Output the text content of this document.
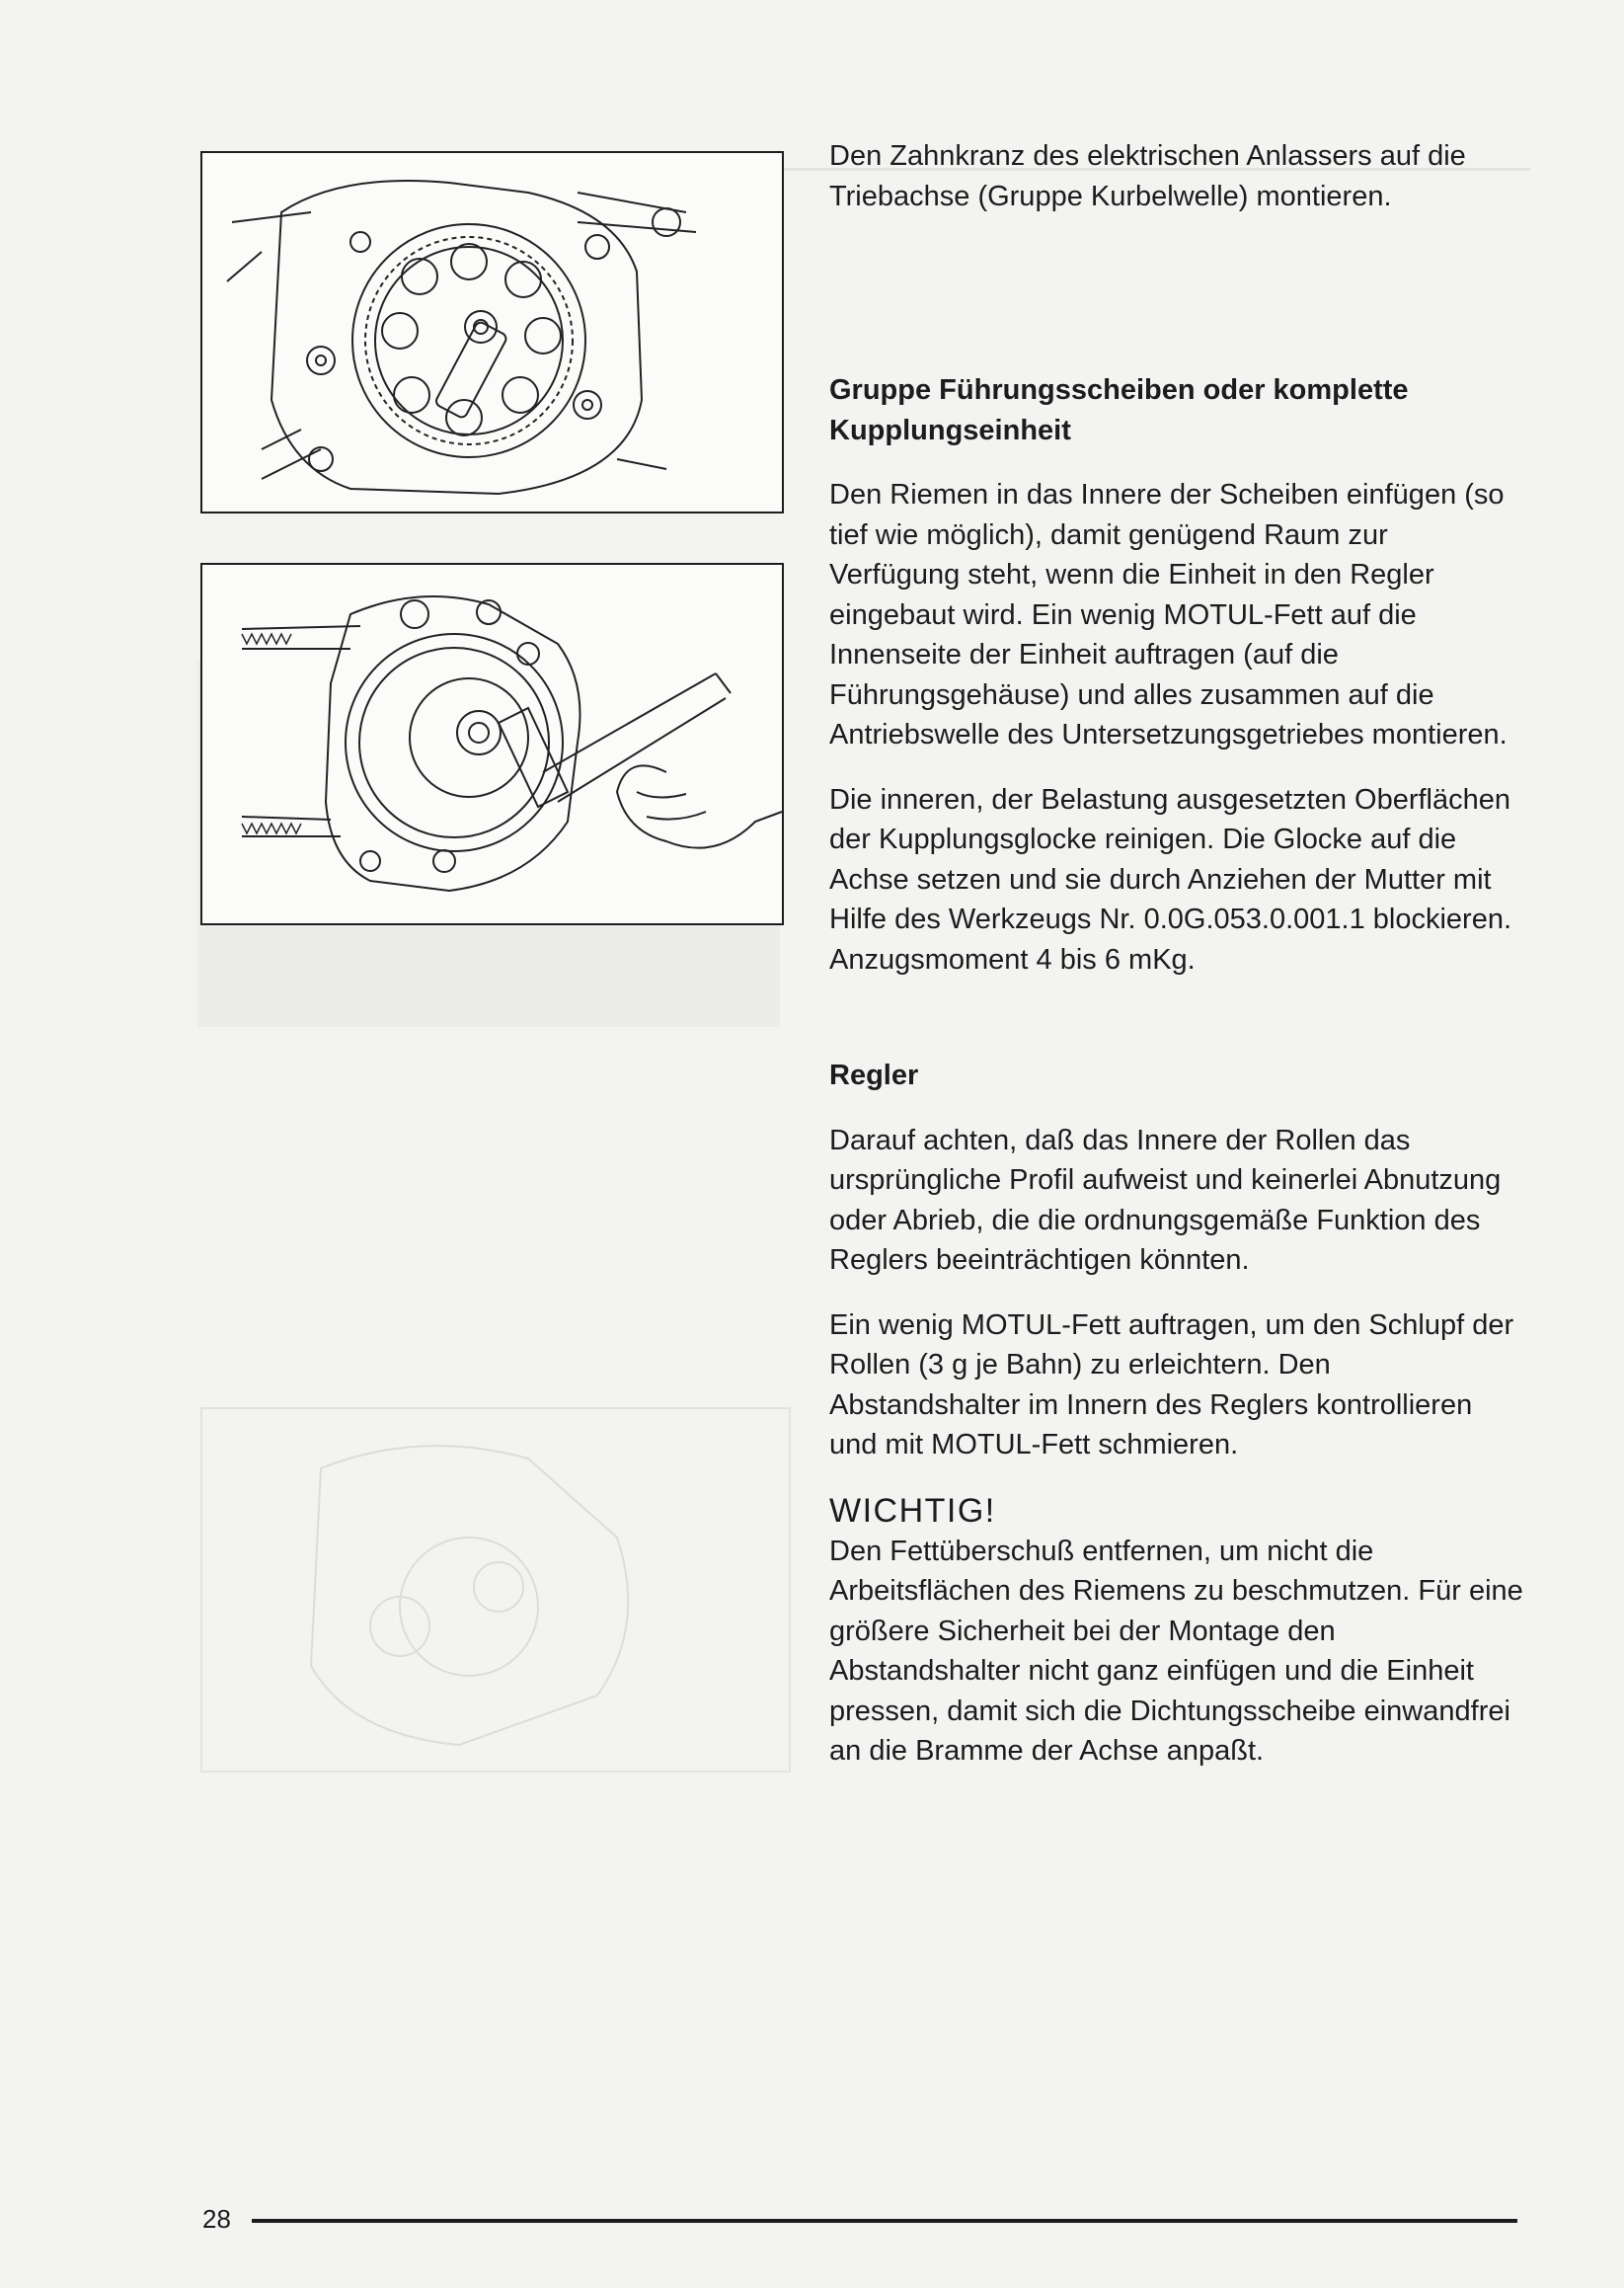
Den Zahnkranz des elektrischen Anlassers auf die Triebachse (Gruppe Kurbelwelle) montieren.

Gruppe Führungsscheiben oder komplette Kupplungseinheit

Den Riemen in das Innere der Scheiben einfügen (so tief wie möglich), damit genügend Raum zur Verfügung steht, wenn die Einheit in den Regler eingebaut wird. Ein wenig MOTUL-Fett auf die Innenseite der Einheit auftragen (auf die Führungsgehäuse) und alles zusammen auf die Antriebswelle des Untersetzungsgetriebes montieren.

Die inneren, der Belastung ausgesetzten Oberflächen der Kupplungsglocke reinigen. Die Glocke auf die Achse setzen und sie durch Anziehen der Mutter mit Hilfe des Werkzeugs Nr. 0.0G.053.0.001.1 blockieren. Anzugsmoment 4 bis 6 mKg.

Regler

Darauf achten, daß das Innere der Rollen das ursprüngliche Profil aufweist und keinerlei Abnutzung oder Abrieb, die die ordnungsgemäße Funktion des Reglers beeinträchtigen könnten.

Ein wenig MOTUL-Fett auftragen, um den Schlupf der Rollen (3 g je Bahn) zu erleichtern. Den Abstandshalter im Innern des Reglers kontrollieren und mit MOTUL-Fett schmieren.

WICHTIG!

Den Fettüberschuß entfernen, um nicht die Arbeitsflächen des Riemens zu beschmutzen. Für eine größere Sicherheit bei der Montage den Abstandshalter nicht ganz einfügen und die Einheit pressen, damit sich die Dichtungsscheibe einwandfrei an die Bramme der Achse anpaßt.

28
